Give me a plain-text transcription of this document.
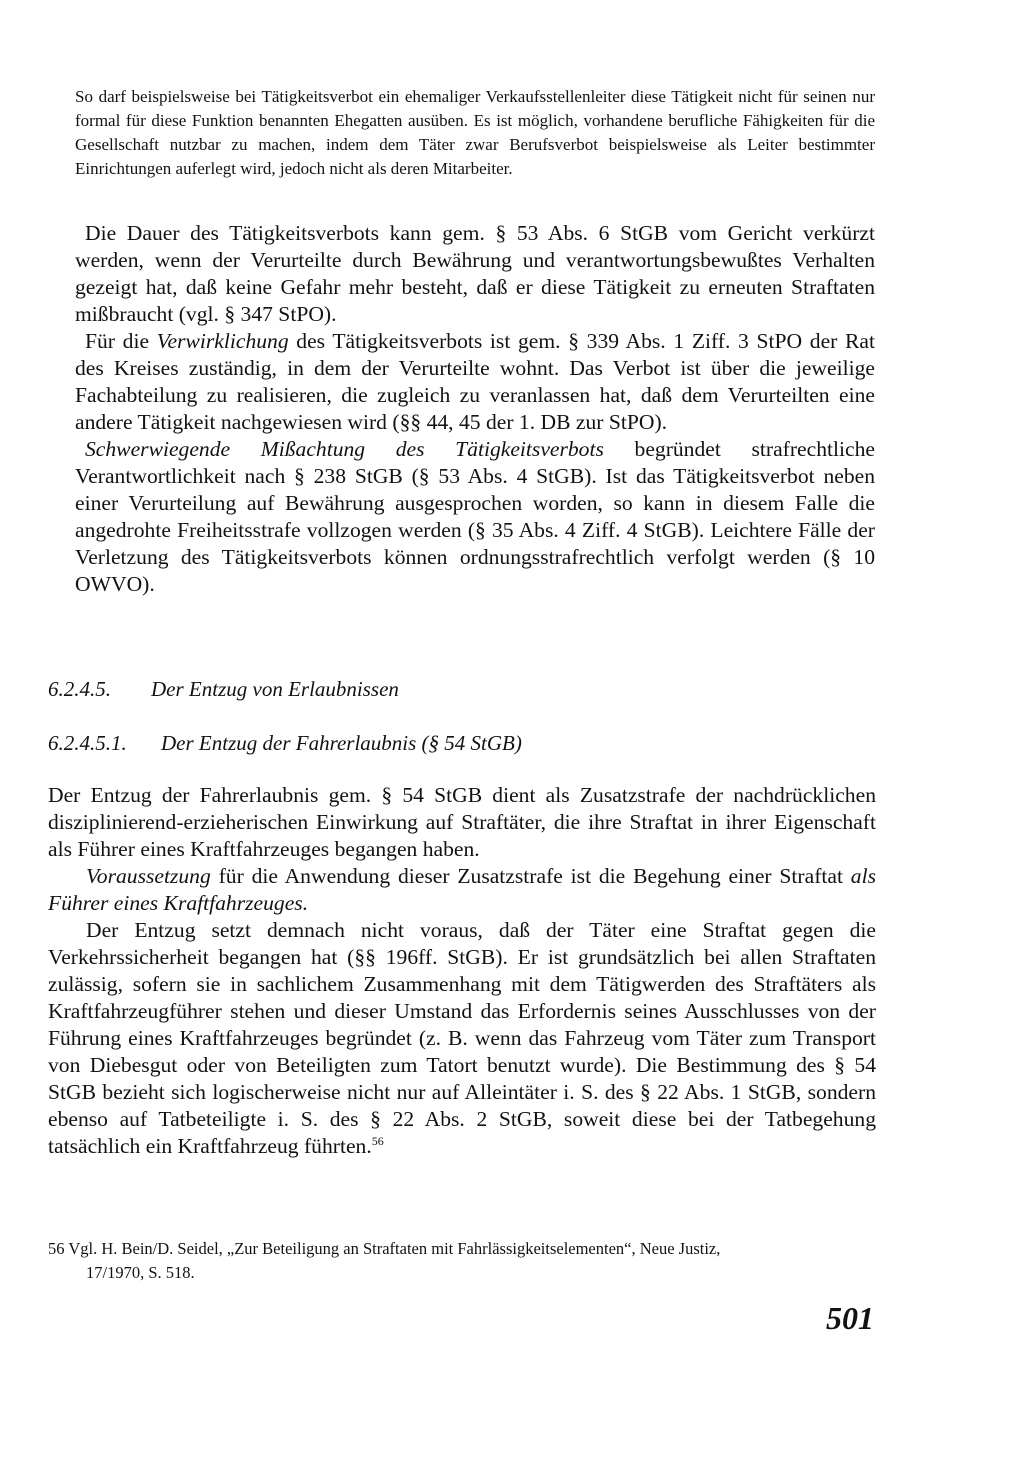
So darf beispielsweise bei Tätigkeitsverbot ein ehemaliger Verkaufsstellenleiter diese Tätigkeit nicht für seinen nur formal für diese Funktion benannten Ehegatten ausüben. Es ist möglich, vorhandene berufliche Fähigkeiten für die Gesellschaft nutzbar zu machen, indem dem Täter zwar Berufsverbot beispielsweise als Leiter bestimmter Einrichtungen auferlegt wird, jedoch nicht als deren Mitarbeiter.

Die Dauer des Tätigkeitsverbots kann gem. § 53 Abs. 6 StGB vom Gericht verkürzt werden, wenn der Verurteilte durch Bewährung und verantwortungsbewußtes Verhalten gezeigt hat, daß keine Gefahr mehr besteht, daß er diese Tätigkeit zu erneuten Straftaten mißbraucht (vgl. § 347 StPO).

Für die Verwirklichung des Tätigkeitsverbots ist gem. § 339 Abs. 1 Ziff. 3 StPO der Rat des Kreises zuständig, in dem der Verurteilte wohnt. Das Verbot ist über die jeweilige Fachabteilung zu realisieren, die zugleich zu veranlassen hat, daß dem Verurteilten eine andere Tätigkeit nachgewiesen wird (§§ 44, 45 der 1. DB zur StPO).

Schwerwiegende Mißachtung des Tätigkeitsverbots begründet strafrechtliche Verantwortlichkeit nach § 238 StGB (§ 53 Abs. 4 StGB). Ist das Tätigkeitsverbot neben einer Verurteilung auf Bewährung ausgesprochen worden, so kann in diesem Falle die angedrohte Freiheitsstrafe vollzogen werden (§ 35 Abs. 4 Ziff. 4 StGB). Leichtere Fälle der Verletzung des Tätigkeitsverbots können ordnungsstrafrechtlich verfolgt werden (§ 10 OWVO).

6.2.4.5. Der Entzug von Erlaubnissen
6.2.4.5.1. Der Entzug der Fahrerlaubnis (§ 54 StGB)

Der Entzug der Fahrerlaubnis gem. § 54 StGB dient als Zusatzstrafe der nachdrücklichen disziplinierend-erzieherischen Einwirkung auf Straftäter, die ihre Straftat in ihrer Eigenschaft als Führer eines Kraftfahrzeuges begangen haben.

Voraussetzung für die Anwendung dieser Zusatzstrafe ist die Begehung einer Straftat als Führer eines Kraftfahrzeuges.

Der Entzug setzt demnach nicht voraus, daß der Täter eine Straftat gegen die Verkehrssicherheit begangen hat (§§ 196ff. StGB). Er ist grundsätzlich bei allen Straftaten zulässig, sofern sie in sachlichem Zusammenhang mit dem Tätigwerden des Straftäters als Kraftfahrzeugführer stehen und dieser Umstand das Erfordernis seines Ausschlusses von der Führung eines Kraftfahrzeuges begründet (z. B. wenn das Fahrzeug vom Täter zum Transport von Diebesgut oder von Beteiligten zum Tatort benutzt wurde). Die Bestimmung des § 54 StGB bezieht sich logischerweise nicht nur auf Alleintäter i. S. des § 22 Abs. 1 StGB, sondern ebenso auf Tatbeteiligte i. S. des § 22 Abs. 2 StGB, soweit diese bei der Tatbegehung tatsächlich ein Kraftfahrzeug führten.$^{56}$

56 Vgl. H. Bein/D. Seidel, „Zur Beteiligung an Straftaten mit Fahrlässigkeitselementen“, Neue Justiz,
17/1970, S. 518.
501
